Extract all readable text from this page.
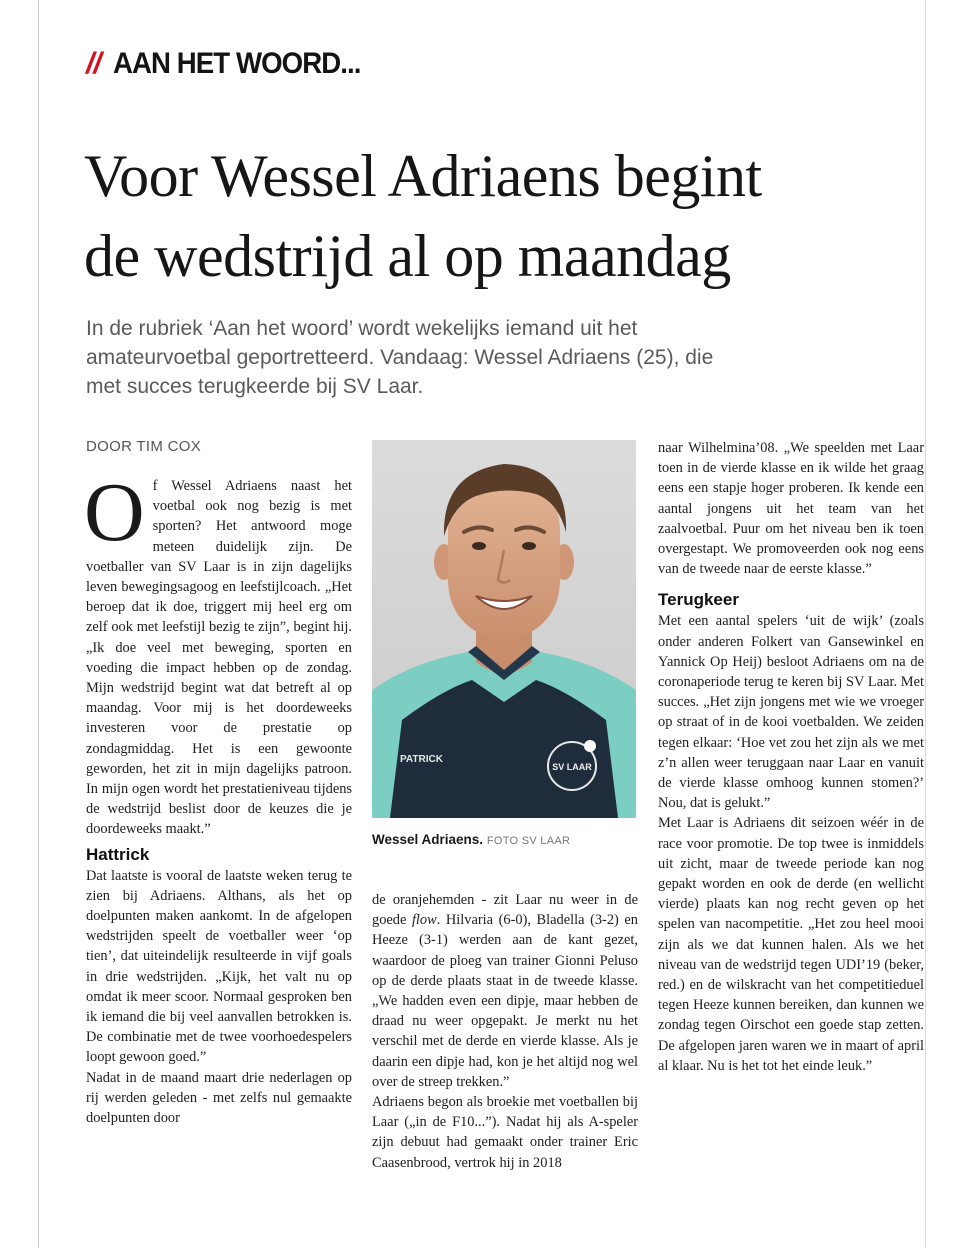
// AAN HET WOORD...
Voor Wessel Adriaens begint
de wedstrijd al op maandag
In de rubriek ‘Aan het woord’ wordt wekelijks iemand uit het
amateurvoetbal geportretteerd. Vandaag: Wessel Adriaens (25), die
met succes terugkeerde bij SV Laar.
DOOR TIM COX

Of Wessel Adriaens naast het voetbal ook nog bezig is met sporten? Het antwoord moge meteen duidelijk zijn. De voetballer van SV Laar is in zijn dagelijks leven bewegingsagoog en leefstijlcoach. „Het beroep dat ik doe, triggert mij heel erg om zelf ook met leefstijl bezig te zijn”, begint hij. „Ik doe veel met beweging, sporten en voeding die impact hebben op de zondag. Mijn wedstrijd begint wat dat betreft al op maandag. Voor mij is het doordeweeks investeren voor de prestatie op zondagmiddag. Het is een gewoonte geworden, het zit in mijn dagelijks patroon. In mijn ogen wordt het prestatieniveau tijdens de wedstrijd beslist door de keuzes die je doordeweeks maakt.”

Hattrick

Dat laatste is vooral de laatste weken terug te zien bij Adriaens. Althans, als het op doelpunten maken aankomt. In de afgelopen wedstrijden speelt de voetballer weer ‘op tien’, dat uiteindelijk resulteerde in vijf goals in drie wedstrijden. „Kijk, het valt nu op omdat ik meer scoor. Normaal gesproken ben ik iemand die bij veel aanvallen betrokken is. De combinatie met de twee voorhoedespelers loopt gewoon goed.”

Nadat in de maand maart drie nederlagen op rij werden geleden - met zelfs nul gemaakte doelpunten door

PATRICK
SV LAAR
Wessel Adriaens. FOTO SV LAAR

de oranjehemden - zit Laar nu weer in de goede flow. Hilvaria (6-0), Bladella (3-2) en Heeze (3-1) werden aan de kant gezet, waardoor de ploeg van trainer Gionni Peluso op de derde plaats staat in de tweede klasse. „We hadden even een dipje, maar hebben de draad nu weer opgepakt. Je merkt nu het verschil met de derde en vierde klasse. Als je daarin een dipje had, kon je het altijd nog wel over de streep trekken.”

Adriaens begon als broekie met voetballen bij Laar („in de F10...”). Nadat hij als A-speler zijn debuut had gemaakt onder trainer Eric Caasenbrood, vertrok hij in 2018

naar Wilhelmina’08. „We speelden met Laar toen in de vierde klasse en ik wilde het graag eens een stapje hoger proberen. Ik kende een aantal jongens uit het team van het zaalvoetbal. Puur om het niveau ben ik toen overgestapt. We promoveerden ook nog eens van de tweede naar de eerste klasse.”

Terugkeer

Met een aantal spelers ‘uit de wijk’ (zoals onder anderen Folkert van Gansewinkel en Yannick Op Heij) besloot Adriaens om na de coronaperiode terug te keren bij SV Laar. Met succes. „Het zijn jongens met wie we vroeger op straat of in de kooi voetbalden. We zeiden tegen elkaar: ‘Hoe vet zou het zijn als we met z’n allen weer teruggaan naar Laar en vanuit de vierde klasse omhoog kunnen stomen?’ Nou, dat is gelukt.”

Met Laar is Adriaens dit seizoen wéér in de race voor promotie. De top twee is inmiddels uit zicht, maar de tweede periode kan nog gepakt worden en ook de derde (en wellicht vierde) plaats kan nog recht geven op het spelen van nacompetitie. „Het zou heel mooi zijn als we dat kunnen halen. Als we het niveau van de wedstrijd tegen UDI’19 (beker, red.) en de wilskracht van het competitieduel tegen Heeze kunnen bereiken, dan kunnen we zondag tegen Oirschot een goede stap zetten. De afgelopen jaren waren we in maart of april al klaar. Nu is het tot het einde leuk.”
